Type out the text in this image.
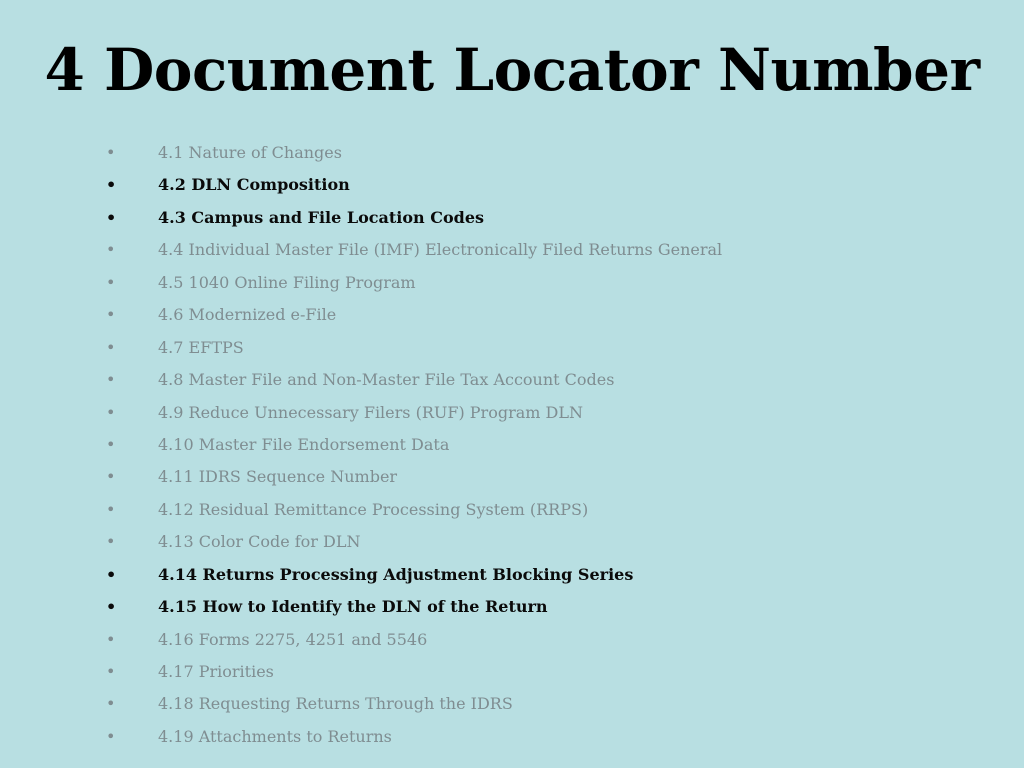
4 Document Locator Number
•	4.1 Nature of Changes
•	4.2 DLN Composition
•	4.3 Campus and File Location Codes
•	4.4 Individual Master File (IMF) Electronically Filed Returns General
•	4.5 1040 Online Filing Program
•	4.6 Modernized e-File
•	4.7 EFTPS
•	4.8 Master File and Non-Master File Tax Account Codes
•	4.9 Reduce Unnecessary Filers (RUF) Program DLN
•	4.10 Master File Endorsement Data
•	4.11 IDRS Sequence Number
•	4.12 Residual Remittance Processing System (RRPS)
•	4.13 Color Code for DLN
•	4.14 Returns Processing Adjustment Blocking Series
•	4.15 How to Identify the DLN of the Return
•	4.16 Forms 2275, 4251 and 5546
•	4.17 Priorities
•	4.18 Requesting Returns Through the IDRS
•	4.19 Attachments to Returns
